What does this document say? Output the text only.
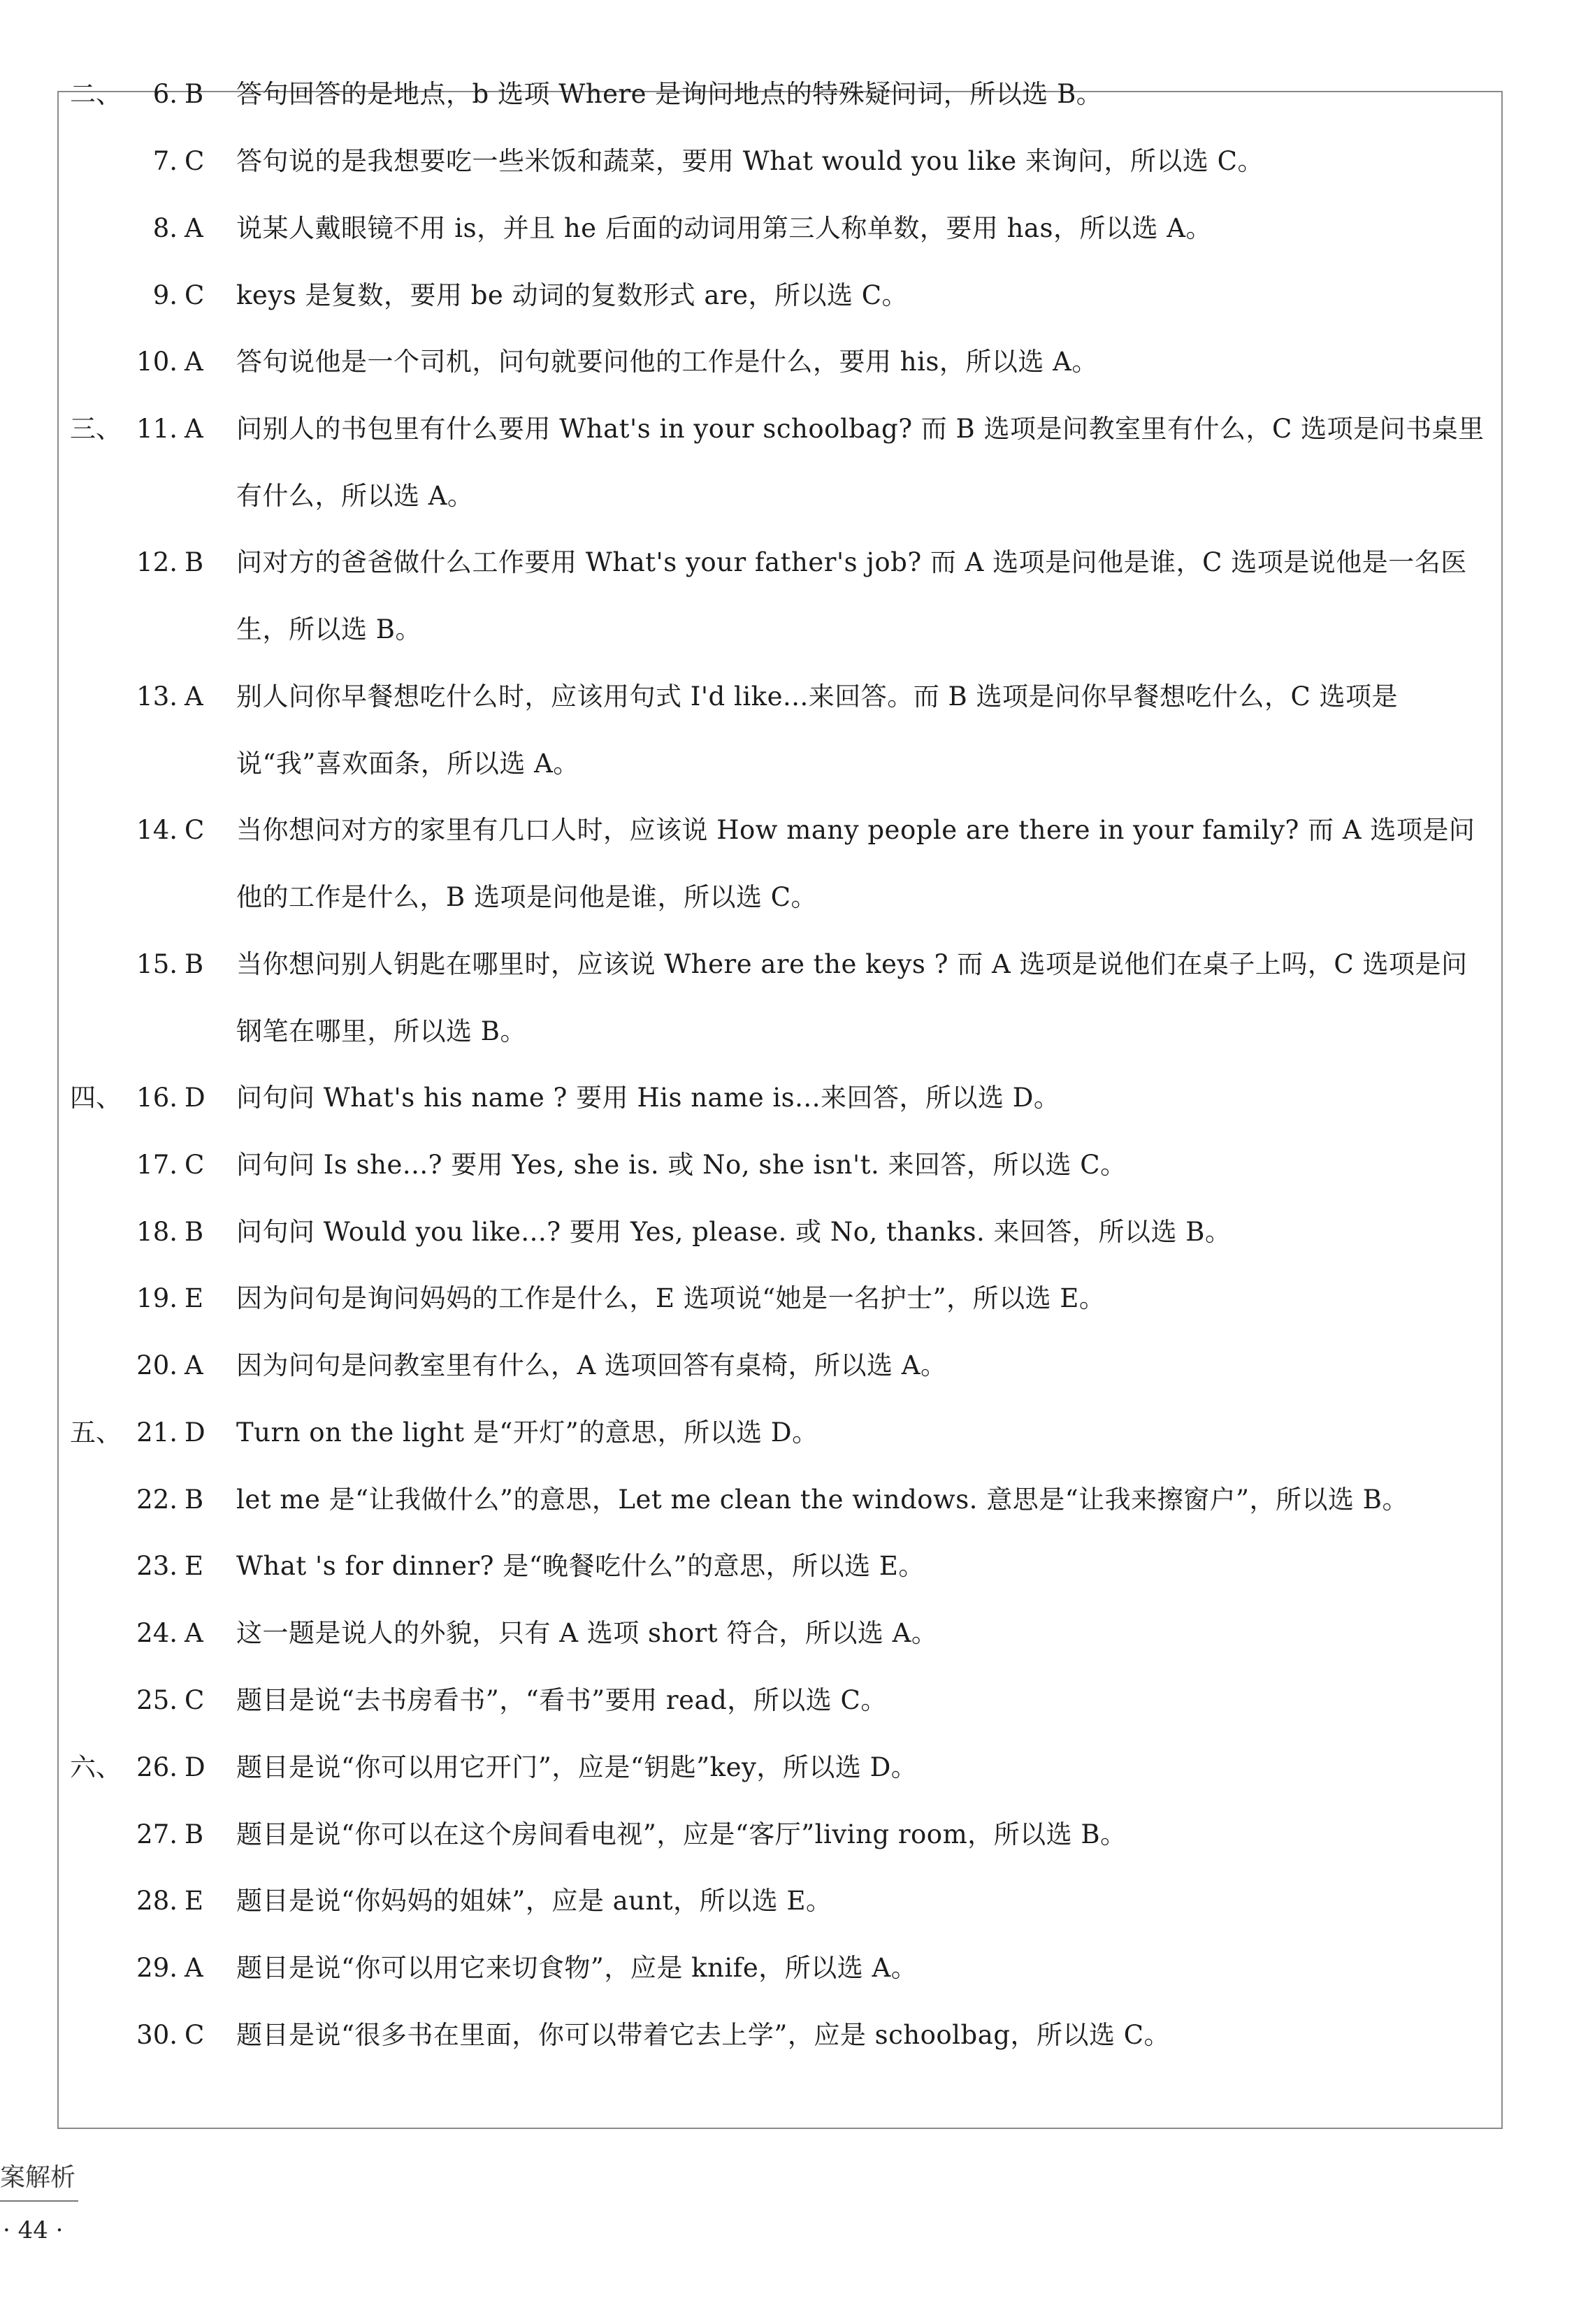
二、	6. B 答句回答的是地点，b 选项 Where 是询问地点的特殊疑问词，所以选 B。
7. C 答句说的是我想要吃一些米饭和蔬菜，要用 What would you like 来询问，所以选 C。
8. A 说某人戴眼镜不用 is，并且 he 后面的动词用第三人称单数，要用 has，所以选 A。
9. C keys 是复数，要用 be 动词的复数形式 are，所以选 C。
10. A 答句说他是一个司机，问句就要问他的工作是什么，要用 his，所以选 A。
三、 11. A 问别人的书包里有什么要用 What's in your schoolbag? 而 B 选项是问教室里有什么，C 选项是问书桌里有什么，所以选 A。
12. B 问对方的爸爸做什么工作要用 What's your father's job? 而 A 选项是问他是谁，C 选项是说他是一名医生，所以选 B。
13. A 别人问你早餐想吃什么时，应该用句式 I'd like...来回答。而 B 选项是问你早餐想吃什么，C 选项是说“我”喜欢面条，所以选 A。
14. C 当你想问对方的家里有几口人时，应该说 How many people are there in your family? 而 A 选项是问他的工作是什么，B 选项是问他是谁，所以选 C。
15. B 当你想问别人钥匙在哪里时，应该说 Where are the keys ? 而 A 选项是说他们在桌子上吗，C 选项是问钢笔在哪里，所以选 B。
四、 16. D 问句问 What's his name ? 要用 His name is...来回答，所以选 D。
17. C 问句问 Is she...? 要用 Yes, she is. 或 No, she isn't. 来回答，所以选 C。
18. B 问句问 Would you like...? 要用 Yes, please. 或 No, thanks. 来回答，所以选 B。
19. E 因为问句是询问妈妈的工作是什么，E 选项说“她是一名护士”，所以选 E。
20. A 因为问句是问教室里有什么，A 选项回答有桌椅，所以选 A。
五、 21. D Turn on the light 是“开灯”的意思，所以选 D。
22. B let me 是“让我做什么”的意思，Let me clean the windows. 意思是“让我来擦窗户”，所以选 B。
23. E What 's for dinner? 是“晚餐吃什么”的意思，所以选 E。
24. A 这一题是说人的外貌，只有 A 选项 short 符合，所以选 A。
25. C 题目是说“去书房看书”，“看书”要用 read，所以选 C。
六、 26. D 题目是说“你可以用它开门”，应是“钥匙”key，所以选 D。
27. B 题目是说“你可以在这个房间看电视”，应是“客厅”living room，所以选 B。
28. E 题目是说“你妈妈的姐妹”，应是 aunt，所以选 E。
29. A 题目是说“你可以用它来切食物”，应是 knife，所以选 A。
30. C 题目是说“很多书在里面，你可以带着它去上学”，应是 schoolbag，所以选 C。
案解析
· 44 ·
